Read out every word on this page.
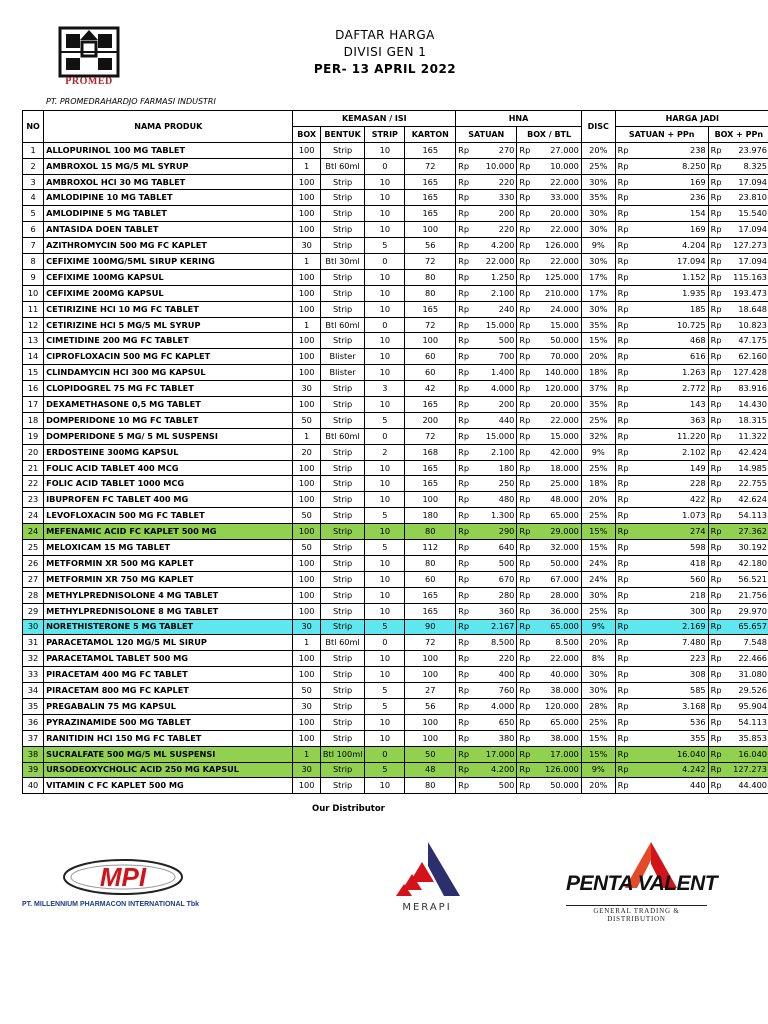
PROMED
DAFTAR HARGA
DIVISI GEN 1
PER- 13 APRIL 2022
PT. PROMEDRAHARDJO FARMASI INDUSTRI
NO	NAMA PRODUK	KEMASAN / ISI				HNA				DISC	HARGA JADI			
		BOX	BENTUK	STRIP	KARTON	SATUAN		BOX / BTL			SATUAN + PPn		BOX + PPn	
1	ALLOPURINOL 100 MG TABLET	100	Strip	10	165	Rp	270	Rp	27.000	20%	Rp	238	Rp	23.976
2	AMBROXOL 15 MG/5 ML SYRUP	1	Btl 60ml	0	72	Rp	10.000	Rp	10.000	25%	Rp	8.250	Rp	8.325
3	AMBROXOL HCl 30 MG TABLET	100	Strip	10	165	Rp	220	Rp	22.000	30%	Rp	169	Rp	17.094
4	AMLODIPINE 10 MG TABLET	100	Strip	10	165	Rp	330	Rp	33.000	35%	Rp	236	Rp	23.810
5	AMLODIPINE 5 MG TABLET	100	Strip	10	165	Rp	200	Rp	20.000	30%	Rp	154	Rp	15.540
6	ANTASIDA DOEN TABLET	100	Strip	10	100	Rp	220	Rp	22.000	30%	Rp	169	Rp	17.094
7	AZITHROMYCIN 500 MG FC KAPLET	30	Strip	5	56	Rp	4.200	Rp	126.000	9%	Rp	4.204	Rp	127.273
8	CEFIXIME 100MG/5ML SIRUP KERING	1	Btl 30ml	0	72	Rp	22.000	Rp	22.000	30%	Rp	17.094	Rp	17.094
9	CEFIXIME 100MG KAPSUL	100	Strip	10	80	Rp	1.250	Rp	125.000	17%	Rp	1.152	Rp	115.163
10	CEFIXIME 200MG KAPSUL	100	Strip	10	80	Rp	2.100	Rp	210.000	17%	Rp	1.935	Rp	193.473
11	CETIRIZINE HCl 10 MG FC TABLET	100	Strip	10	165	Rp	240	Rp	24.000	30%	Rp	185	Rp	18.648
12	CETIRIZINE HCl 5 MG/5 ML SYRUP	1	Btl 60ml	0	72	Rp	15.000	Rp	15.000	35%	Rp	10.725	Rp	10.823
13	CIMETIDINE 200 MG FC TABLET	100	Strip	10	100	Rp	500	Rp	50.000	15%	Rp	468	Rp	47.175
14	CIPROFLOXACIN 500 MG FC KAPLET	100	Blister	10	60	Rp	700	Rp	70.000	20%	Rp	616	Rp	62.160
15	CLINDAMYCIN HCl 300 MG KAPSUL	100	Blister	10	60	Rp	1.400	Rp	140.000	18%	Rp	1.263	Rp	127.428
16	CLOPIDOGREL 75 MG FC TABLET	30	Strip	3	42	Rp	4.000	Rp	120.000	37%	Rp	2.772	Rp	83.916
17	DEXAMETHASONE 0,5 MG TABLET	100	Strip	10	165	Rp	200	Rp	20.000	35%	Rp	143	Rp	14.430
18	DOMPERIDONE 10 MG FC TABLET	50	Strip	5	200	Rp	440	Rp	22.000	25%	Rp	363	Rp	18.315
19	DOMPERIDONE 5 MG/ 5 ML SUSPENSI	1	Btl 60ml	0	72	Rp	15.000	Rp	15.000	32%	Rp	11.220	Rp	11.322
20	ERDOSTEINE 300MG KAPSUL	20	Strip	2	168	Rp	2.100	Rp	42.000	9%	Rp	2.102	Rp	42.424
21	FOLIC ACID TABLET 400 MCG	100	Strip	10	165	Rp	180	Rp	18.000	25%	Rp	149	Rp	14.985
22	FOLIC ACID TABLET 1000 MCG	100	Strip	10	165	Rp	250	Rp	25.000	18%	Rp	228	Rp	22.755
23	IBUPROFEN FC TABLET 400 MG	100	Strip	10	100	Rp	480	Rp	48.000	20%	Rp	422	Rp	42.624
24	LEVOFLOXACIN 500 MG FC TABLET	50	Strip	5	180	Rp	1.300	Rp	65.000	25%	Rp	1.073	Rp	54.113
24	MEFENAMIC ACID FC KAPLET 500 MG	100	Strip	10	80	Rp	290	Rp	29.000	15%	Rp	274	Rp	27.362
25	MELOXICAM 15 MG TABLET	50	Strip	5	112	Rp	640	Rp	32.000	15%	Rp	598	Rp	30.192
26	METFORMIN XR 500 MG KAPLET	100	Strip	10	80	Rp	500	Rp	50.000	24%	Rp	418	Rp	42.180
27	METFORMIN XR 750 MG KAPLET	100	Strip	10	60	Rp	670	Rp	67.000	24%	Rp	560	Rp	56.521
28	METHYLPREDNISOLONE 4 MG TABLET	100	Strip	10	165	Rp	280	Rp	28.000	30%	Rp	218	Rp	21.756
29	METHYLPREDNISOLONE 8 MG TABLET	100	Strip	10	165	Rp	360	Rp	36.000	25%	Rp	300	Rp	29.970
30	NORETHISTERONE 5 MG TABLET	30	Strip	5	90	Rp	2.167	Rp	65.000	9%	Rp	2.169	Rp	65.657
31	PARACETAMOL 120 MG/5 ML SIRUP	1	Btl 60ml	0	72	Rp	8.500	Rp	8.500	20%	Rp	7.480	Rp	7.548
32	PARACETAMOL TABLET 500 MG	100	Strip	10	100	Rp	220	Rp	22.000	8%	Rp	223	Rp	22.466
33	PIRACETAM 400 MG FC TABLET	100	Strip	10	100	Rp	400	Rp	40.000	30%	Rp	308	Rp	31.080
34	PIRACETAM 800 MG FC KAPLET	50	Strip	5	27	Rp	760	Rp	38.000	30%	Rp	585	Rp	29.526
35	PREGABALIN 75 MG KAPSUL	30	Strip	5	56	Rp	4.000	Rp	120.000	28%	Rp	3.168	Rp	95.904
36	PYRAZINAMIDE 500 MG TABLET	100	Strip	10	100	Rp	650	Rp	65.000	25%	Rp	536	Rp	54.113
37	RANITIDIN HCl 150 MG FC TABLET	100	Strip	10	100	Rp	380	Rp	38.000	15%	Rp	355	Rp	35.853
38	SUCRALFATE 500 MG/5 ML SUSPENSI	1	Btl 100ml	0	50	Rp	17.000	Rp	17.000	15%	Rp	16.040	Rp	16.040
39	URSODEOXYCHOLIC ACID 250 MG KAPSUL	30	Strip	5	48	Rp	4.200	Rp	126.000	9%	Rp	4.242	Rp	127.273
40	VITAMIN C FC KAPLET 500 MG	100	Strip	10	80	Rp	500	Rp	50.000	20%	Rp	440	Rp	44.400
Our Distributor
MPI
PT. MILLENNIUM PHARMACON INTERNATIONAL Tbk	MERAPI
PENTA VALENT
GENERAL TRADING & DISTRIBUTION
